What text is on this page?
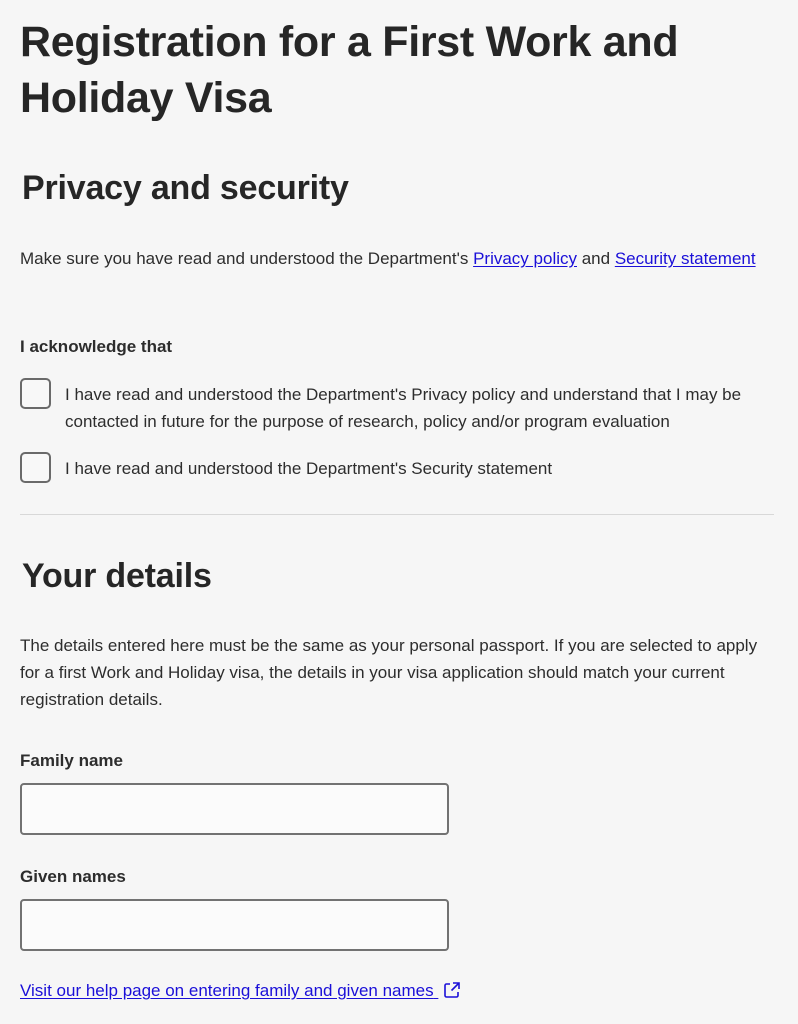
Registration for a First Work and Holiday Visa
Privacy and security

Make sure you have read and understood the Department's Privacy policy and Security statement

I acknowledge that
I have read and understood the Department's Privacy policy and understand that I may be contacted in future for the purpose of research, policy and/or program evaluation
I have read and understood the Department's Security statement
Your details

The details entered here must be the same as your personal passport. If you are selected to apply for a first Work and Holiday visa, the details in your visa application should match your current registration details.

Family name
Given names
Visit our help page on entering family and given names
